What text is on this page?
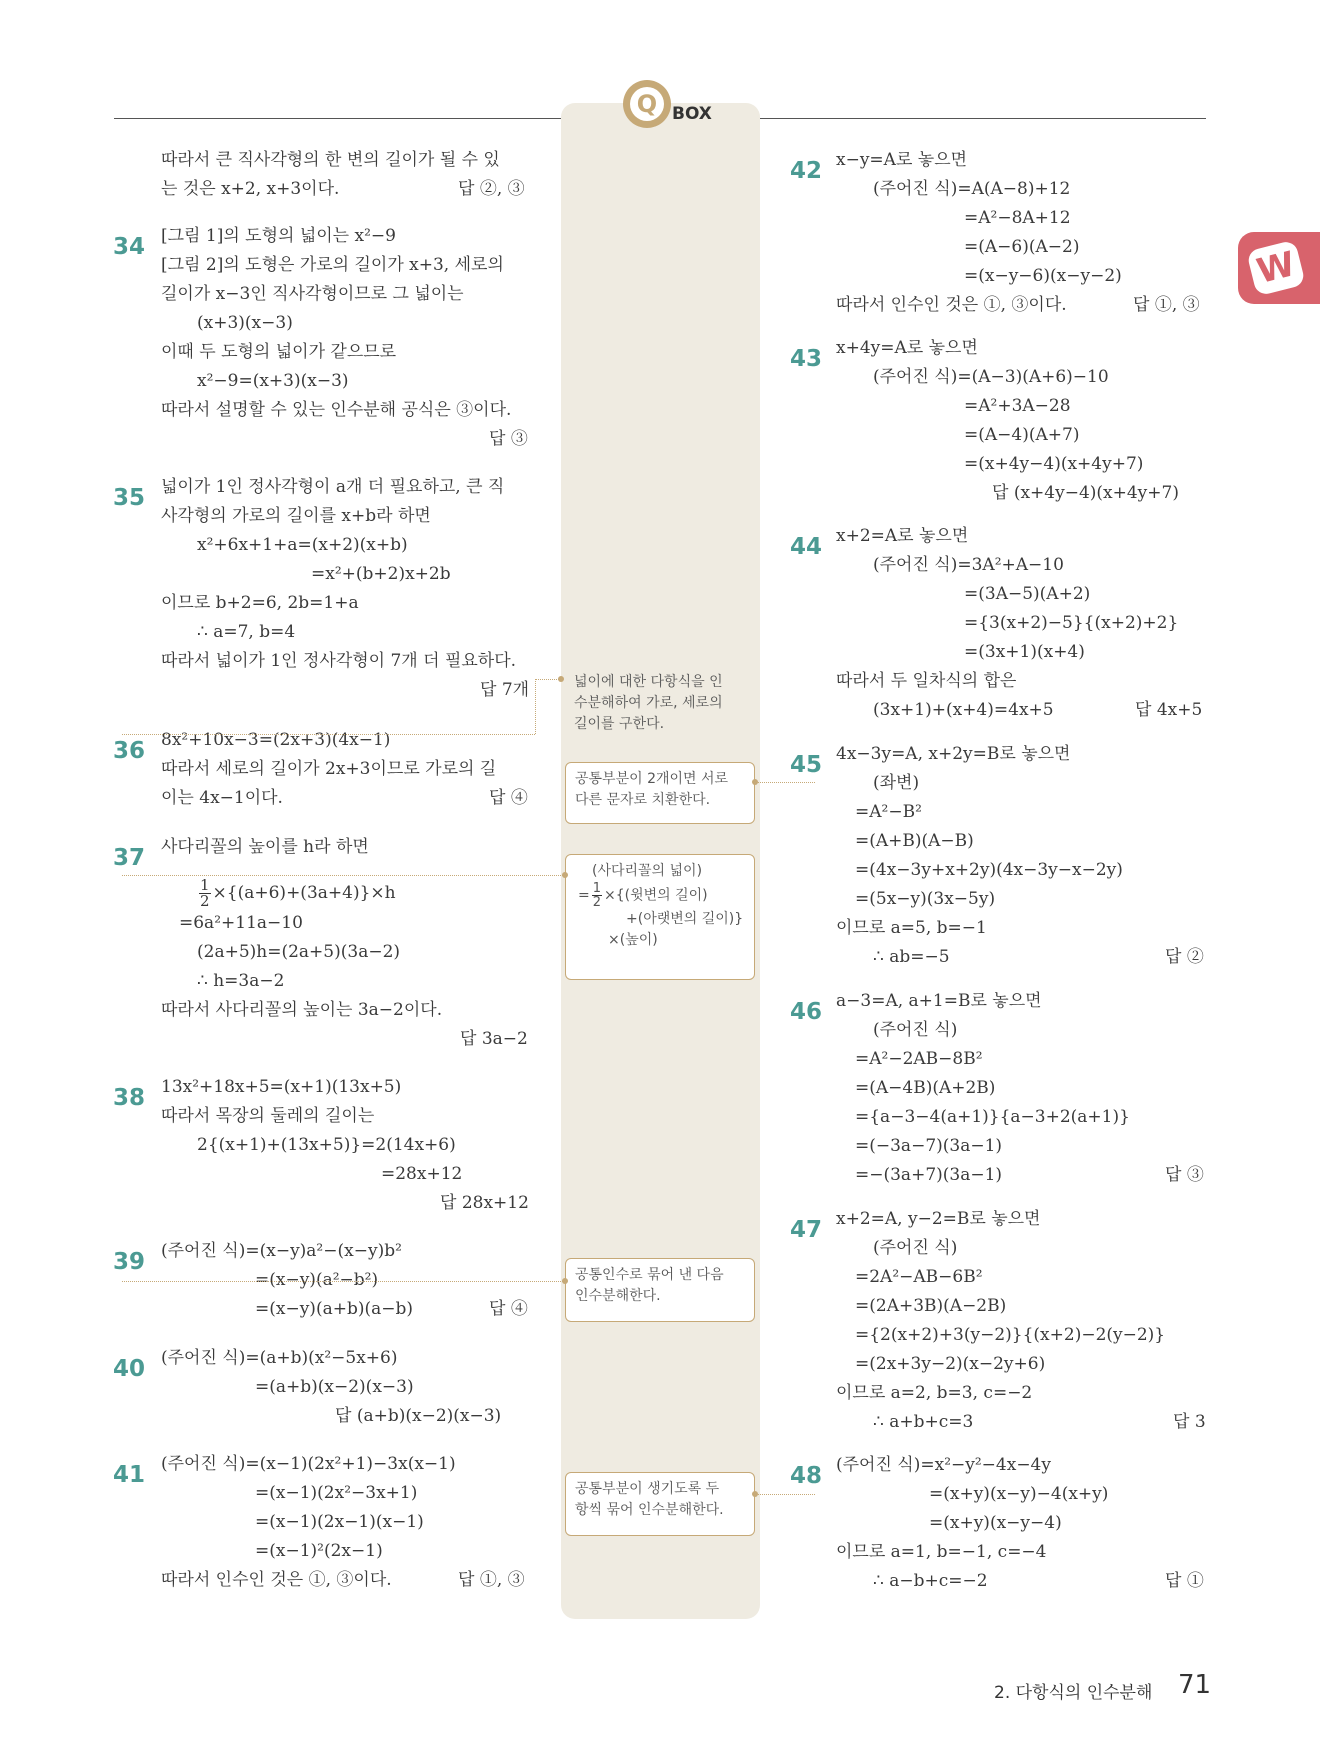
Q BOX
W
따라서 큰 직사각형의 한 변의 길이가 될 수 있
는 것은 x+2, x+3이다.	답 ②, ③
34 [그림 1]의 도형의 넓이는 x²−9
[그림 2]의 도형은 가로의 길이가 x+3, 세로의
길이가 x−3인 직사각형이므로 그 넓이는
(x+3)(x−3)
이때 두 도형의 넓이가 같으므로
x²−9=(x+3)(x−3)
따라서 설명할 수 있는 인수분해 공식은 ③이다.
답 ③
35 넓이가 1인 정사각형이 a개 더 필요하고, 큰 직
사각형의 가로의 길이를 x+b라 하면
x²+6x+1+a=(x+2)(x+b)
=x²+(b+2)x+2b
이므로 b+2=6, 2b=1+a
∴ a=7, b=4
따라서 넓이가 1인 정사각형이 7개 더 필요하다.
답 7개
36 8x²+10x−3=(2x+3)(4x−1)
따라서 세로의 길이가 2x+3이므로 가로의 길
이는 4x−1이다.	답 ④
37 사다리꼴의 높이를 h라 하면
=6a²+11a−10
(2a+5)h=(2a+5)(3a−2)
∴ h=3a−2
따라서 사다리꼴의 높이는 3a−2이다.
답 3a−2
38 13x²+18x+5=(x+1)(13x+5)
따라서 목장의 둘레의 길이는
2{(x+1)+(13x+5)}=2(14x+6)
=28x+12
답 28x+12
39 (주어진 식)=(x−y)a²−(x−y)b²
=(x−y)(a²−b²)
=(x−y)(a+b)(a−b)	답 ④
40 (주어진 식)=(a+b)(x²−5x+6)
=(a+b)(x−2)(x−3)
답 (a+b)(x−2)(x−3)
41 (주어진 식)=(x−1)(2x²+1)−3x(x−1)
=(x−1)(2x²−3x+1)
=(x−1)(2x−1)(x−1)
=(x−1)²(2x−1)
따라서 인수인 것은 ①, ③이다.	답 ①, ③
42 x−y=A로 놓으면
(주어진 식)=A(A−8)+12
=A²−8A+12
=(A−6)(A−2)
=(x−y−6)(x−y−2)
따라서 인수인 것은 ①, ③이다.	답 ①, ③
43 x+4y=A로 놓으면
(주어진 식)=(A−3)(A+6)−10
=A²+3A−28
=(A−4)(A+7)
=(x+4y−4)(x+4y+7)
답 (x+4y−4)(x+4y+7)
44 x+2=A로 놓으면
(주어진 식)=3A²+A−10
=(3A−5)(A+2)
={3(x+2)−5}{(x+2)+2}
=(3x+1)(x+4)
따라서 두 일차식의 합은
(3x+1)+(x+4)=4x+5	답 4x+5
45 4x−3y=A, x+2y=B로 놓으면
(좌변)
=A²−B²
=(A+B)(A−B)
=(4x−3y+x+2y)(4x−3y−x−2y)
=(5x−y)(3x−5y)
이므로 a=5, b=−1
∴ ab=−5	답 ②
46 a−3=A, a+1=B로 놓으면
(주어진 식)
=A²−2AB−8B²
=(A−4B)(A+2B)
={a−3−4(a+1)}{a−3+2(a+1)}
=(−3a−7)(3a−1)
=−(3a+7)(3a−1)	답 ③
47 x+2=A, y−2=B로 놓으면
(주어진 식)
=2A²−AB−6B²
=(2A+3B)(A−2B)
={2(x+2)+3(y−2)}{(x+2)−2(y−2)}
=(2x+3y−2)(x−2y+6)
이므로 a=2, b=3, c=−2
∴ a+b+c=3	답 3
48 (주어진 식)=x²−y²−4x−4y
=(x+y)(x−y)−4(x+y)
=(x+y)(x−y−4)
이므로 a=1, b=−1, c=−4
∴ a−b+c=−2	답 ①
$\frac{1}{2} \times\{(a+6)+(3a+4)\}\times h$
넓이에 대한 다항식을 인
수분해하여 가로, 세로의
길이를 구한다.
공통부분이 2개이면 서로
다른 문자로 치환한다.
(사다리꼴의 넓이)
= $\frac{1}{2}$ ×{(윗변의 길이)
+(아랫변의 길이)}
×(높이)
공통인수로 묶어 낸 다음
인수분해한다.
공통부분이 생기도록 두
항씩 묶어 인수분해한다.
2. 다항식의 인수분해 71
